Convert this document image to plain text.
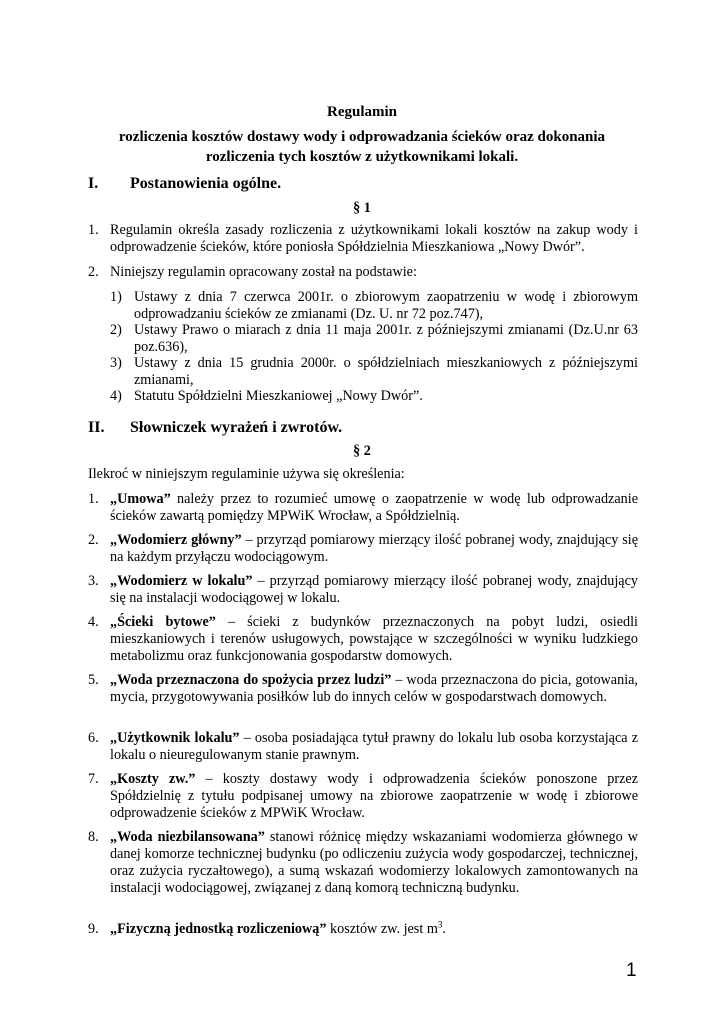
Regulamin
rozliczenia kosztów dostawy wody i odprowadzania ścieków oraz dokonania
rozliczenia tych kosztów z użytkownikami lokali.
I. Postanowienia ogólne.
§ 1
1. Regulamin określa zasady rozliczenia z użytkownikami lokali kosztów na zakup wody i odprowadzenie ścieków, które poniosła Spółdzielnia Mieszkaniowa „Nowy Dwór”.
2. Niniejszy regulamin opracowany został na podstawie:
1) Ustawy z dnia 7 czerwca 2001r. o zbiorowym zaopatrzeniu w wodę i zbiorowym odprowadzaniu ścieków ze zmianami (Dz. U. nr 72 poz.747),
2) Ustawy Prawo o miarach z dnia 11 maja 2001r. z późniejszymi zmianami (Dz.U.nr 63 poz.636),
3) Ustawy z dnia 15 grudnia 2000r. o spółdzielniach mieszkaniowych z późniejszymi zmianami,
4) Statutu Spółdzielni Mieszkaniowej „Nowy Dwór”.
II. Słowniczek wyrażeń i zwrotów.
§ 2
Ilekroć w niniejszym regulaminie używa się określenia:
1. „Umowa” należy przez to rozumieć umowę o zaopatrzenie w wodę lub odprowadzanie ścieków zawartą pomiędzy MPWiK Wrocław, a Spółdzielnią.
2. „Wodomierz główny” – przyrząd pomiarowy mierzący ilość pobranej wody, znajdujący się na każdym przyłączu wodociągowym.
3. „Wodomierz w lokalu” – przyrząd pomiarowy mierzący ilość pobranej wody, znajdujący się na instalacji wodociągowej w lokalu.
4. „Ścieki bytowe” – ścieki z budynków przeznaczonych na pobyt ludzi, osiedli mieszkaniowych i terenów usługowych, powstające w szczególności w wyniku ludzkiego metabolizmu oraz funkcjonowania gospodarstw domowych.
5. „Woda przeznaczona do spożycia przez ludzi” – woda przeznaczona do picia, gotowania, mycia, przygotowywania posiłków lub do innych celów w gospodarstwach domowych.
6. „Użytkownik lokalu” – osoba posiadająca tytuł prawny do lokalu lub osoba korzystająca z lokalu o nieuregulowanym stanie prawnym.
7. „Koszty zw.” – koszty dostawy wody i odprowadzenia ścieków ponoszone przez Spółdzielnię z tytułu podpisanej umowy na zbiorowe zaopatrzenie w wodę i zbiorowe odprowadzenie ścieków z MPWiK Wrocław.
8. „Woda niezbilansowana” stanowi różnicę między wskazaniami wodomierza głównego w danej komorze technicznej budynku (po odliczeniu zużycia wody gospodarczej, technicznej, oraz zużycia ryczałtowego), a sumą wskazań wodomierzy lokalowych zamontowanych na instalacji wodociągowej, związanej z daną komorą techniczną budynku.
9. „Fizyczną jednostką rozliczeniową” kosztów zw. jest $m^3$.
1
